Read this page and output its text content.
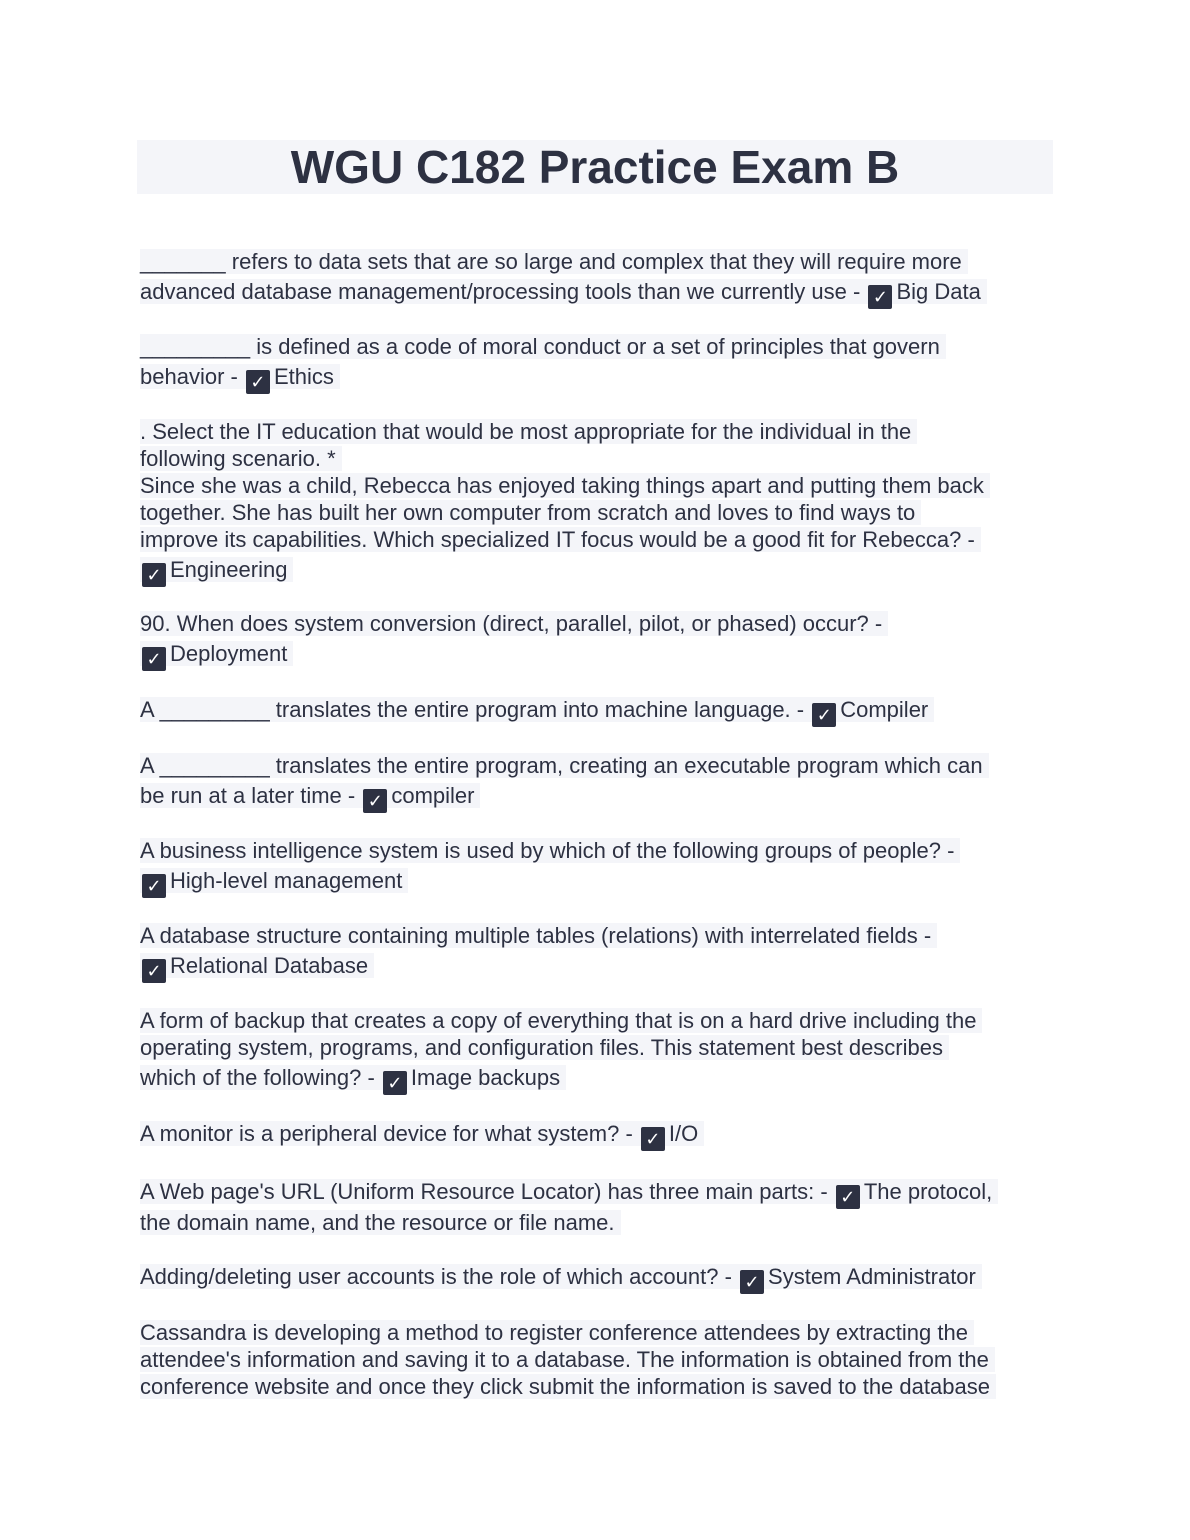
WGU C182 Practice Exam B
_______ refers to data sets that are so large and complex that they will require more

advanced database management/processing tools than we currently use - ✓ Big Data
_________ is defined as a code of moral conduct or a set of principles that govern

behavior - ✓ Ethics
. Select the IT education that would be most appropriate for the individual in the
following scenario. *
Since she was a child, Rebecca has enjoyed taking things apart and putting them back
together. She has built her own computer from scratch and loves to find ways to
improve its capabilities. Which specialized IT focus would be a good fit for Rebecca? -

✓ Engineering
90. When does system conversion (direct, parallel, pilot, or phased) occur? -

✓ Deployment
A _________ translates the entire program into machine language. - ✓ Compiler
A _________ translates the entire program, creating an executable program which can

be run at a later time - ✓ compiler
A business intelligence system is used by which of the following groups of people? -

✓ High-level management
A database structure containing multiple tables (relations) with interrelated fields -

✓ Relational Database
A form of backup that creates a copy of everything that is on a hard drive including the
operating system, programs, and configuration files. This statement best describes

which of the following? - ✓ Image backups
A monitor is a peripheral device for what system? - ✓ I/O
A Web page's URL (Uniform Resource Locator) has three main parts: - ✓ The protocol,
the domain name, and the resource or file name.
Adding/deleting user accounts is the role of which account? - ✓ System Administrator
Cassandra is developing a method to register conference attendees by extracting the
attendee's information and saving it to a database. The information is obtained from the
conference website and once they click submit the information is saved to the database
